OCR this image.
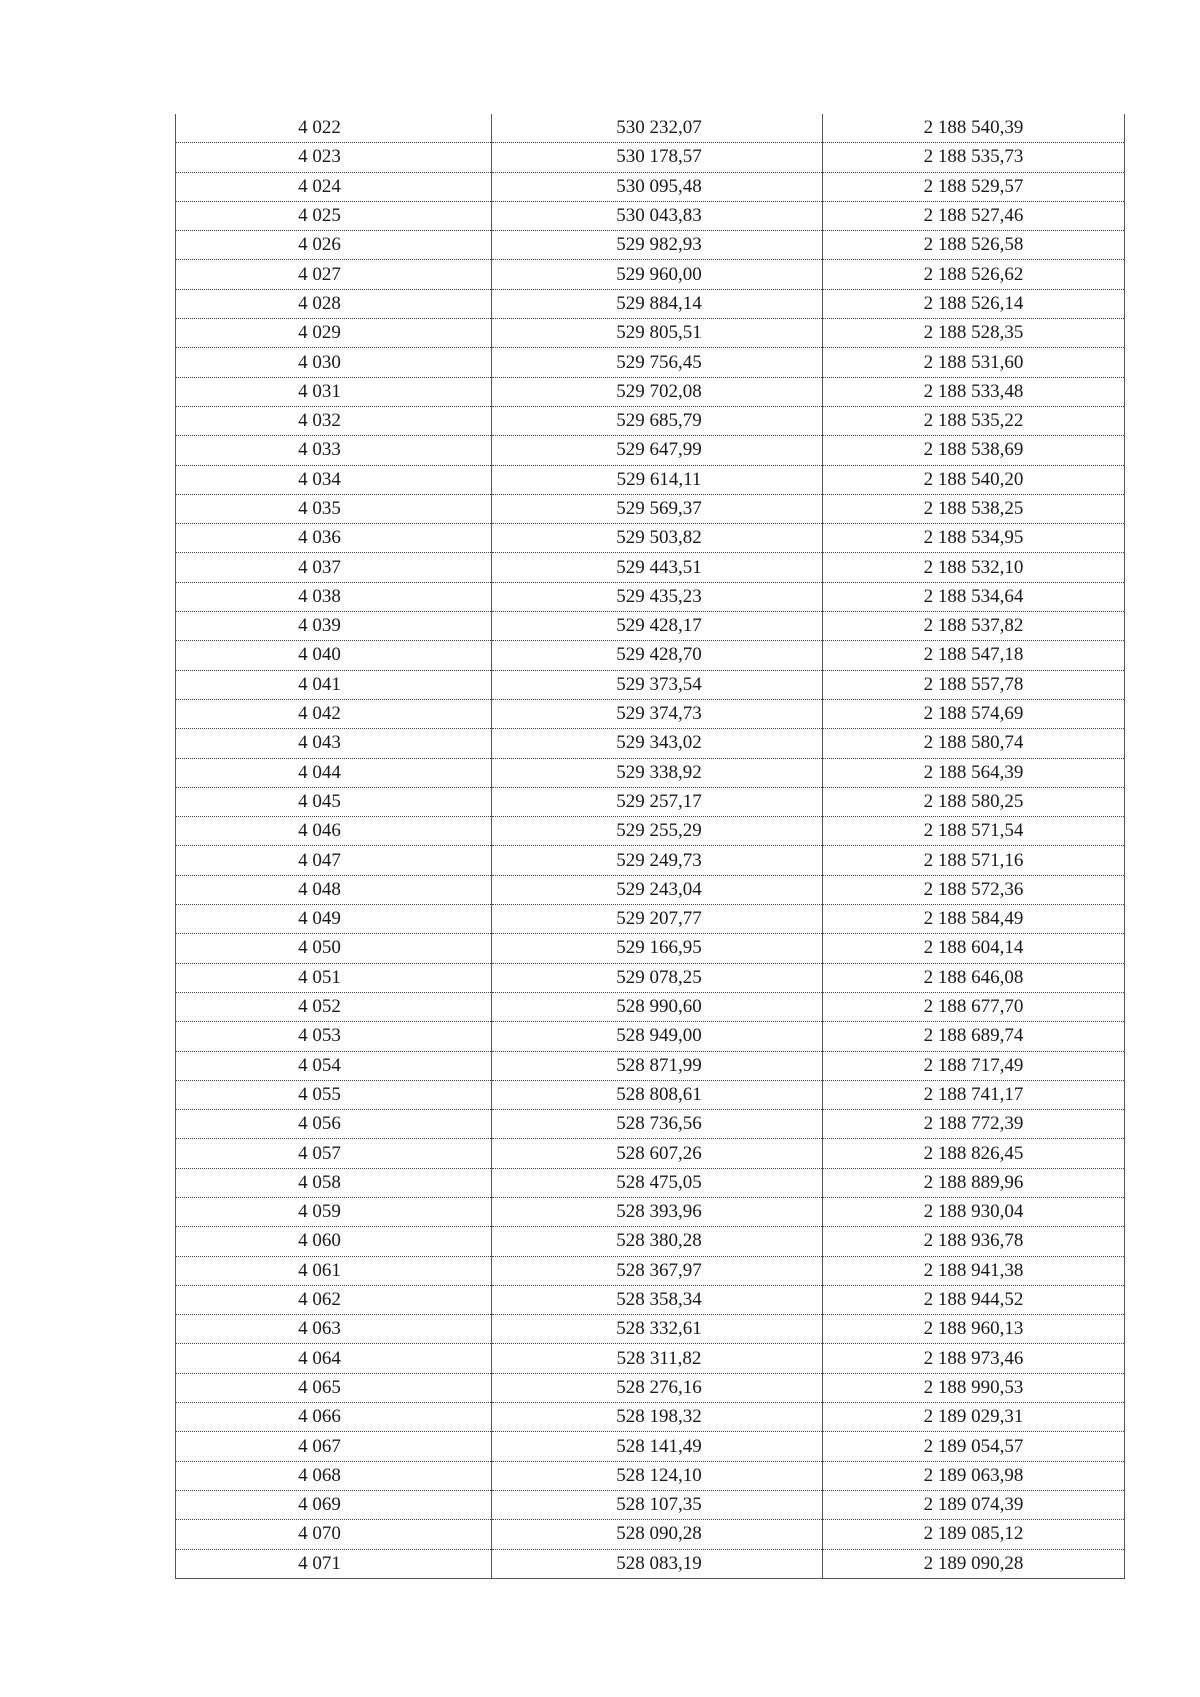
4 022	530 232,07	2 188 540,39
4 023	530 178,57	2 188 535,73
4 024	530 095,48	2 188 529,57
4 025	530 043,83	2 188 527,46
4 026	529 982,93	2 188 526,58
4 027	529 960,00	2 188 526,62
4 028	529 884,14	2 188 526,14
4 029	529 805,51	2 188 528,35
4 030	529 756,45	2 188 531,60
4 031	529 702,08	2 188 533,48
4 032	529 685,79	2 188 535,22
4 033	529 647,99	2 188 538,69
4 034	529 614,11	2 188 540,20
4 035	529 569,37	2 188 538,25
4 036	529 503,82	2 188 534,95
4 037	529 443,51	2 188 532,10
4 038	529 435,23	2 188 534,64
4 039	529 428,17	2 188 537,82
4 040	529 428,70	2 188 547,18
4 041	529 373,54	2 188 557,78
4 042	529 374,73	2 188 574,69
4 043	529 343,02	2 188 580,74
4 044	529 338,92	2 188 564,39
4 045	529 257,17	2 188 580,25
4 046	529 255,29	2 188 571,54
4 047	529 249,73	2 188 571,16
4 048	529 243,04	2 188 572,36
4 049	529 207,77	2 188 584,49
4 050	529 166,95	2 188 604,14
4 051	529 078,25	2 188 646,08
4 052	528 990,60	2 188 677,70
4 053	528 949,00	2 188 689,74
4 054	528 871,99	2 188 717,49
4 055	528 808,61	2 188 741,17
4 056	528 736,56	2 188 772,39
4 057	528 607,26	2 188 826,45
4 058	528 475,05	2 188 889,96
4 059	528 393,96	2 188 930,04
4 060	528 380,28	2 188 936,78
4 061	528 367,97	2 188 941,38
4 062	528 358,34	2 188 944,52
4 063	528 332,61	2 188 960,13
4 064	528 311,82	2 188 973,46
4 065	528 276,16	2 188 990,53
4 066	528 198,32	2 189 029,31
4 067	528 141,49	2 189 054,57
4 068	528 124,10	2 189 063,98
4 069	528 107,35	2 189 074,39
4 070	528 090,28	2 189 085,12
4 071	528 083,19	2 189 090,28
